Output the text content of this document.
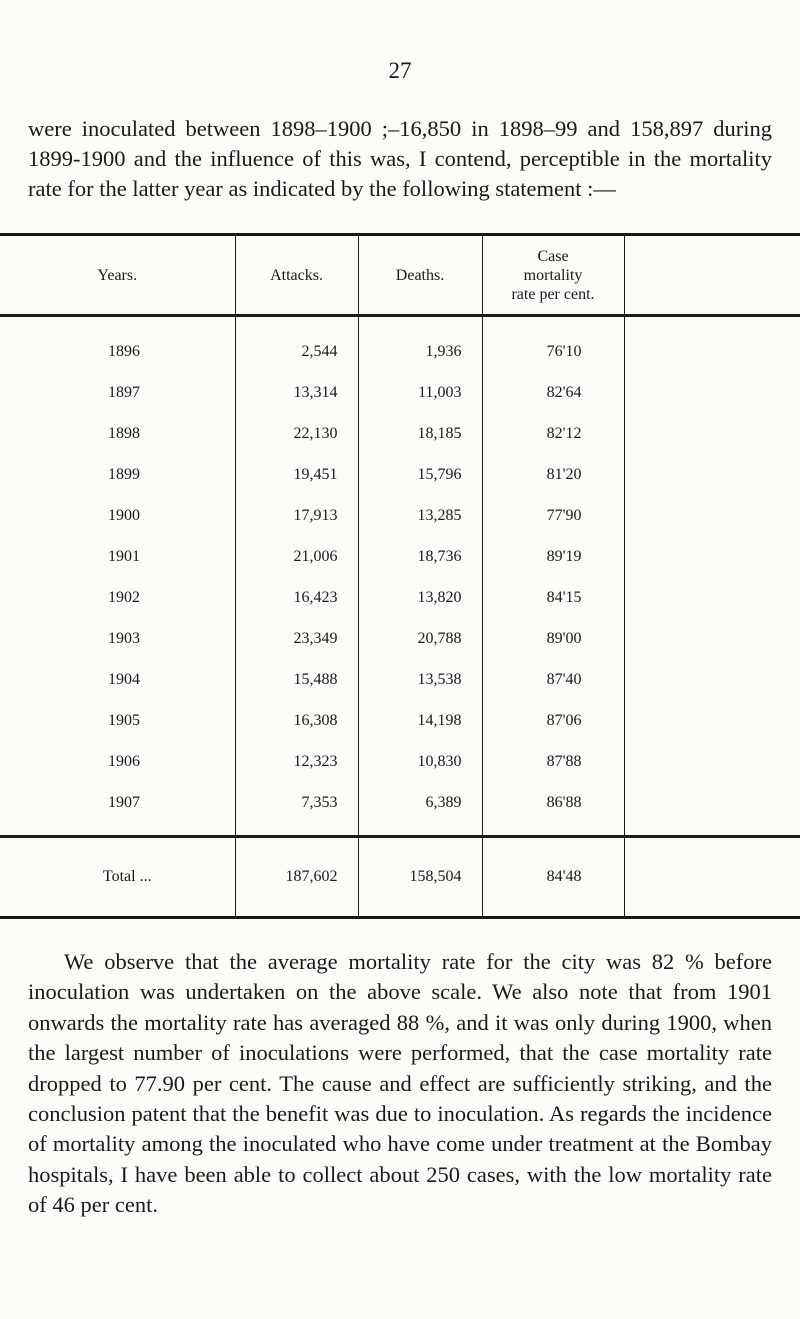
27

were inoculated between 1898–1900 ;–16,850 in 1898–99 and 158,897 during 1899-1900 and the influence of this was, I contend, perceptible in the mortality rate for the latter year as indicated by the following statement :—

Years.	Attacks.	Deaths.	Case
mortality
rate per cent.	
1896	2,544	1,936	76'10	
1897	13,314	11,003	82'64	
1898	22,130	18,185	82'12	
1899	19,451	15,796	81'20	
1900	17,913	13,285	77'90	
1901	21,006	18,736	89'19	
1902	16,423	13,820	84'15	
1903	23,349	20,788	89'00	
1904	15,488	13,538	87'40	
1905	16,308	14,198	87'06	
1906	12,323	10,830	87'88	
1907	7,353	6,389	86'88	
Total ...	187,602	158,504	84'48	

We observe that the average mortality rate for the city was 82 % before inoculation was undertaken on the above scale. We also note that from 1901 onwards the mortality rate has averaged 88 %, and it was only during 1900, when the largest number of inoculations were performed, that the case mortality rate dropped to 77.90 per cent. The cause and effect are sufficiently striking, and the conclusion patent that the benefit was due to inoculation. As regards the incidence of mortality among the inoculated who have come under treatment at the Bombay hospitals, I have been able to collect about 250 cases, with the low mortality rate of 46 per cent.
